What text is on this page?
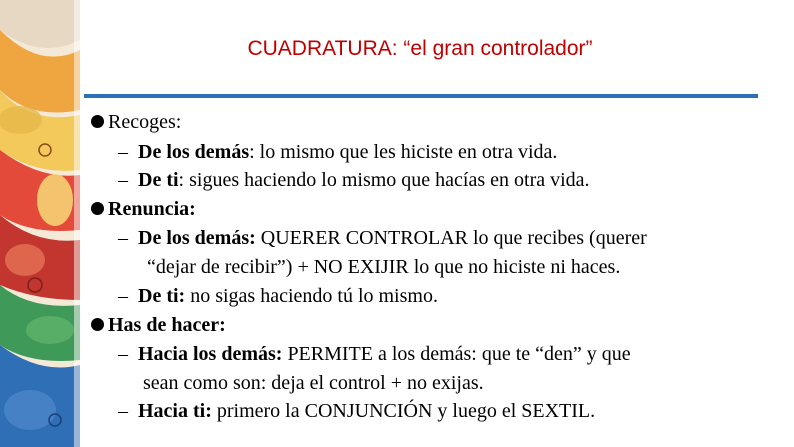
CUADRATURA: “el gran controlador”
Recoges:
– De los demás: lo mismo que les hiciste en otra vida.
– De ti: sigues haciendo lo mismo que hacías en otra vida.
Renuncia:
– De los demás: QUERER CONTROLAR lo que recibes (querer
“dejar de recibir”) + NO EXIJIR lo que no hiciste ni haces.
– De ti: no sigas haciendo tú lo mismo.
Has de hacer:
– Hacia los demás: PERMITE a los demás: que te “den” y que
sean como son: deja el control + no exijas.
– Hacia ti: primero la CONJUNCIÓN y luego el SEXTIL.
